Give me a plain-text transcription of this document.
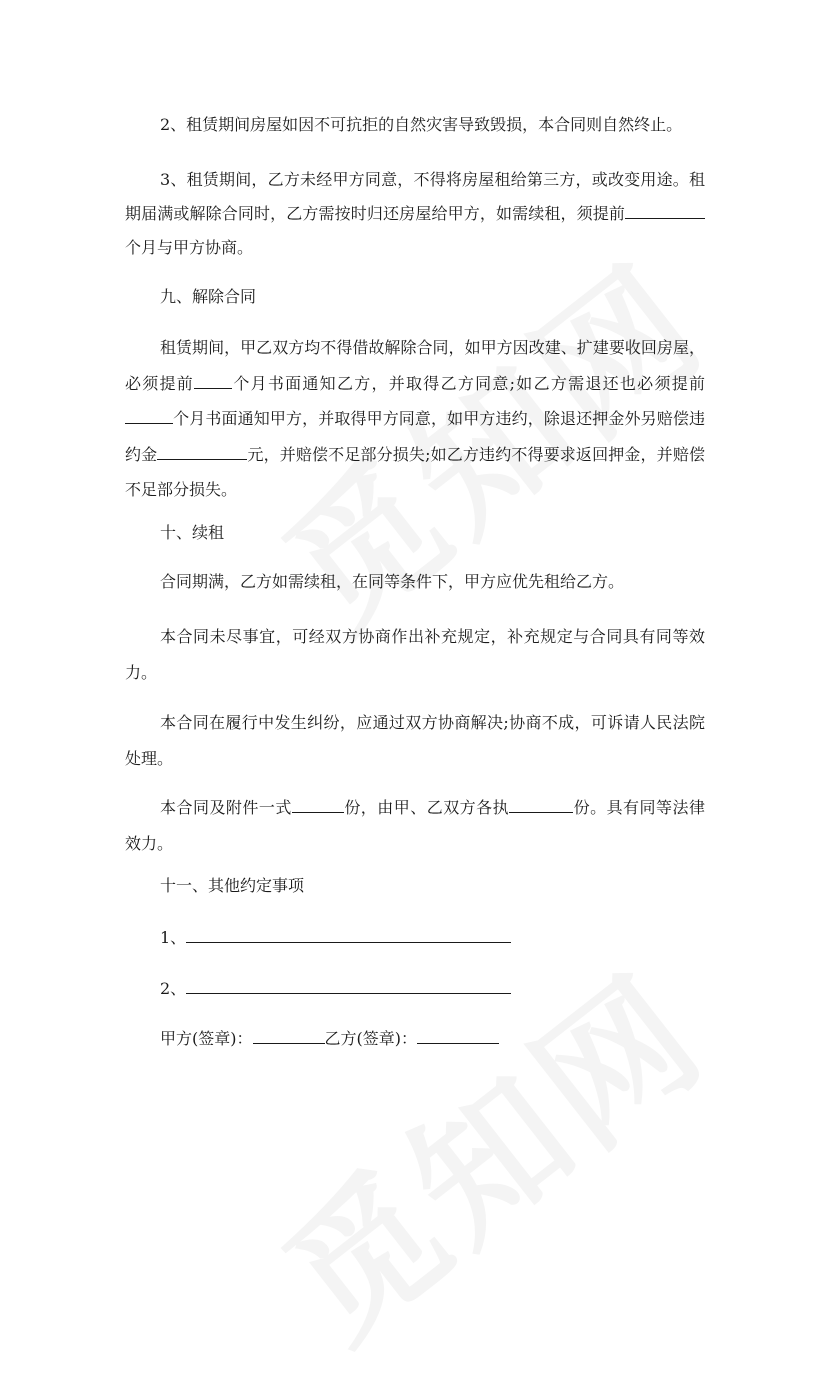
2、租赁期间房屋如因不可抗拒的自然灾害导致毁损，本合同则自然终止。

3、租赁期间，乙方未经甲方同意，不得将房屋租给第三方，或改变用途。租期届满或解除合同时，乙方需按时归还房屋给甲方，如需续租，须提前个月与甲方协商。

九、解除合同

租赁期间，甲乙双方均不得借故解除合同，如甲方因改建、扩建要收回房屋，必须提前 个月书面通知乙方，并取得乙方同意;如乙方需退还也必须提前个月书面通知甲方，并取得甲方同意，如甲方违约，除退还押金外另赔偿违约金	元，并赔偿不足部分损失;如乙方违约不得要求返回押金，并赔偿不足部分损失。

十、续租

合同期满，乙方如需续租，在同等条件下，甲方应优先租给乙方。

本合同未尽事宜，可经双方协商作出补充规定，补充规定与合同具有同等效力。

本合同在履行中发生纠纷，应通过双方协商解决;协商不成，可诉请人民法院处理。

本合同及附件一式	份，由甲、乙双方各执	份。具有同等法律效力。

十一、其他约定事项

1、

2、

甲方(签章)：	乙方(签章)：
